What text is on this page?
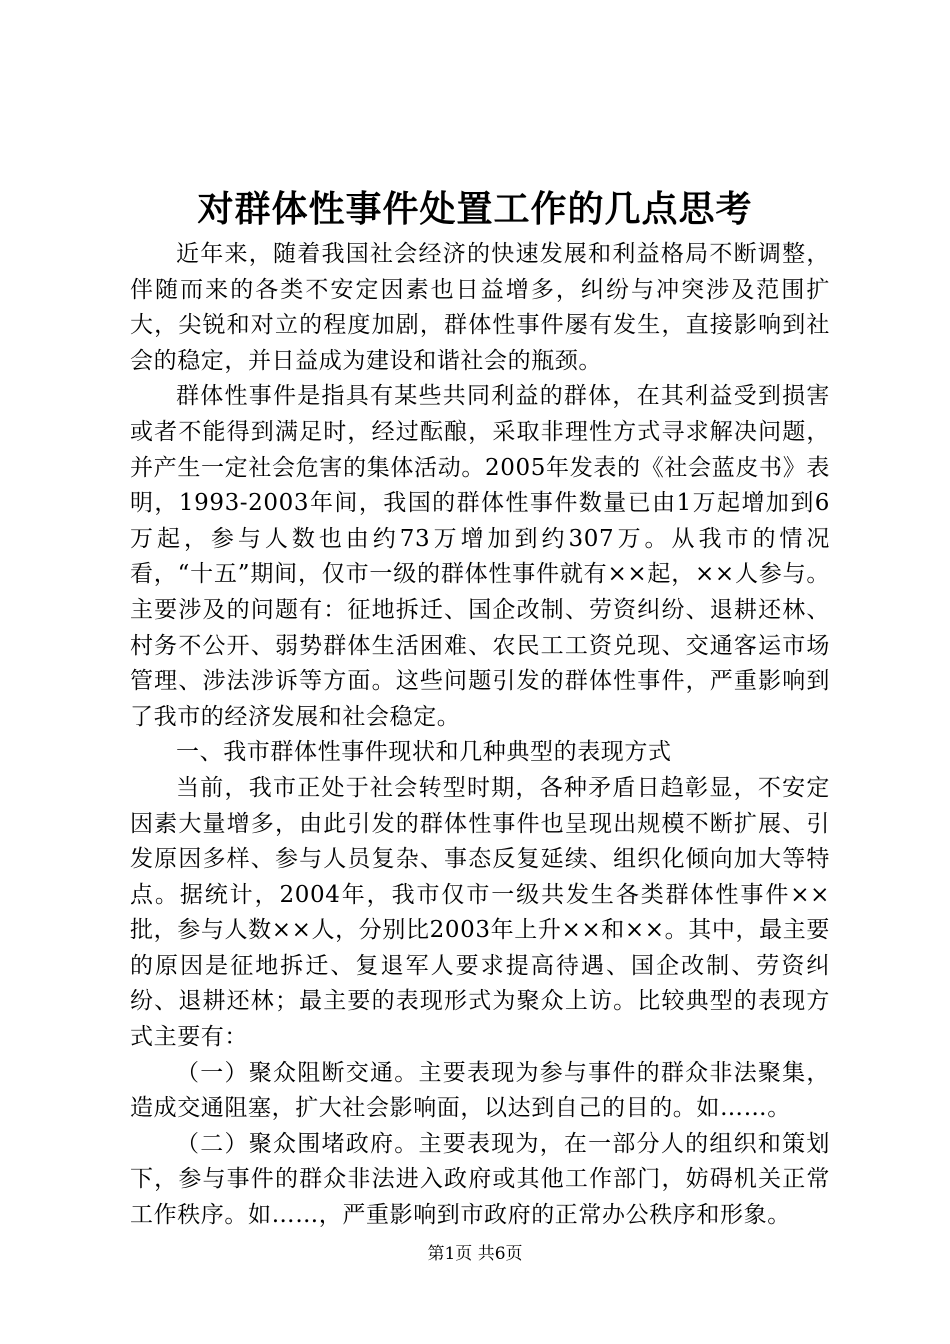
对群体性事件处置工作的几点思考

近年来，随着我国社会经济的快速发展和利益格局不断调整，伴随而来的各类不安定因素也日益增多，纠纷与冲突涉及范围扩大，尖锐和对立的程度加剧，群体性事件屡有发生，直接影响到社会的稳定，并日益成为建设和谐社会的瓶颈。

群体性事件是指具有某些共同利益的群体，在其利益受到损害或者不能得到满足时，经过酝酿，采取非理性方式寻求解决问题，并产生一定社会危害的集体活动。2005年发表的《社会蓝皮书》表明，1993-2003年间，我国的群体性事件数量已由1万起增加到6万起，参与人数也由约73万增加到约307万。从我市的情况看，“十五”期间，仅市一级的群体性事件就有××起，××人参与。主要涉及的问题有：征地拆迁、国企改制、劳资纠纷、退耕还林、村务不公开、弱势群体生活困难、农民工工资兑现、交通客运市场管理、涉法涉诉等方面。这些问题引发的群体性事件，严重影响到了我市的经济发展和社会稳定。

一、我市群体性事件现状和几种典型的表现方式

当前，我市正处于社会转型时期，各种矛盾日趋彰显，不安定因素大量增多，由此引发的群体性事件也呈现出规模不断扩展、引发原因多样、参与人员复杂、事态反复延续、组织化倾向加大等特点。据统计，2004年，我市仅市一级共发生各类群体性事件××批，参与人数××人，分别比2003年上升××和××。其中，最主要的原因是征地拆迁、复退军人要求提高待遇、国企改制、劳资纠纷、退耕还林；最主要的表现形式为聚众上访。比较典型的表现方式主要有：

（一）聚众阻断交通。主要表现为参与事件的群众非法聚集，造成交通阻塞，扩大社会影响面，以达到自己的目的。如……。

（二）聚众围堵政府。主要表现为，在一部分人的组织和策划下，参与事件的群众非法进入政府或其他工作部门，妨碍机关正常工作秩序。如……，严重影响到市政府的正常办公秩序和形象。

第1页 共6页
